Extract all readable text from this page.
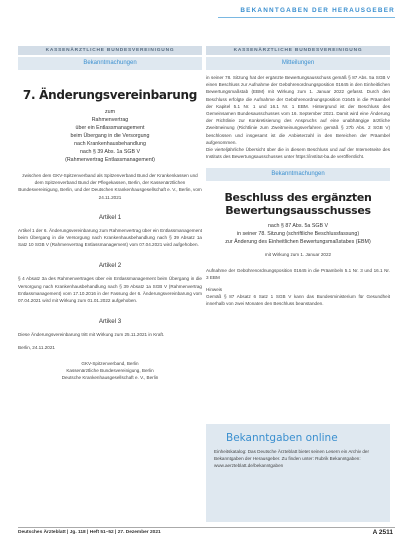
BEKANNTGABEN DER HERAUSGEBER
KASSENÄRZTLICHE BUNDESVEREINIGUNG
Bekanntmachungen
7. Änderungsvereinbarung
zum
Rahmenvertrag
über ein Entlassmanagement
beim Übergang in die Versorgung
nach Krankenhausbehandlung
nach § 39 Abs. 1a SGB V
(Rahmenvertrag Entlassmanagement)
zwischen dem GKV-Spitzenverband als Spitzenverband Bund der Krankenkassen und dem Spitzenverband Bund der Pflegekassen, Berlin, der Kassenärztlichen Bundesvereinigung, Berlin, und der Deutschen Krankenhausgesellschaft e. V., Berlin, vom 24.11.2021
Artikel 1
Artikel 1 der 6. Änderungsvereinbarung zum Rahmenvertrag über ein Entlassmanagement beim Übergang in die Versorgung nach Krankenhausbehandlung nach § 39 Absatz 1a Satz 10 SGB V (Rahmenvertrag Entlassmanagement) vom 07.04.2021 wird aufgehoben.
Artikel 2
§ 4 Absatz 3a des Rahmenvertrages über ein Entlassmanagement beim Übergang in die Versorgung nach Krankenhausbehandlung nach § 39 Absatz 1a SGB V (Rahmenvertrag Entlassmanagement) vom 17.10.2016 in der Fassung der 6. Änderungsvereinbarung vom 07.04.2021 wird mit Wirkung zum 01.01.2022 aufgehoben.
Artikel 3
Diese Änderungsvereinbarung tritt mit Wirkung zum 25.11.2021 in Kraft.
Berlin, 24.11.2021
GKV-Spitzenverband, Berlin
Kassenärztliche Bundesvereinigung, Berlin
Deutsche Krankenhausgesellschaft e. V., Berlin
KASSENÄRZTLICHE BUNDESVEREINIGUNG
Mitteilungen
in seiner 78. Sitzung hat der ergänzte Bewertungsausschuss gemäß § 87 Abs. 5a SGB V einen Beschluss zur Aufnahme der Gebührenordnungsposition 01645 in den Einheitlichen Bewertungsmaßstab (EBM) mit Wirkung zum 1. Januar 2022 gefasst. Durch den Beschluss erfolgte die Aufnahme der Gebührenordnungsposition 01645 in die Präambel der Kapitel 5.1 Nr. 1 und 16.1 Nr. 1 EBM. Hintergrund ist der Beschluss des Gemeinsamen Bundesausschusses vom 16. September 2021. Damit wird eine Änderung der Richtlinie zur Konkretisierung des Anspruchs auf eine unabhängige ärztliche Zweitmeinung (Richtlinie zum Zweitmeinungsverfahren gemäß § 27b Abs. 2 SGB V) beschlossen und insgesamt ist die Anbieterzahl in den Bereichen der Präambel aufgenommen.
Die vierteljährliche Übersicht über die in diesem Beschluss und auf der Internetseite des Instituts des Bewertungsausschusses unter https://institut-ba.de veröffentlicht.
Bekanntmachungen
Beschluss des ergänzten Bewertungsausschusses
nach § 87 Abs. 5a SGB V
in seiner 78. Sitzung (schriftliche Beschlussfassung)
zur Änderung des Einheitlichen Bewertungsmaßstabes (EBM)
mit Wirkung zum 1. Januar 2022
Aufnahme der Gebührenordnungsposition 01645 in die Präambeln 5.1 Nr. 3 und 16.1 Nr. 3 EBM
Hinweis
Gemäß § 87 Absatz 6 Satz 1 SGB V kann das Bundesministerium für Gesundheit innerhalb von zwei Monaten den Beschluss beanstanden.
Bekanntgaben online
Einheitskatalog: Das Deutsche Ärzteblatt bietet seinen Lesern ein Archiv der Bekanntgaben der Herausgeber. Zu finden unter: Rubrik Bekanntgaben: www.aerzteblatt.de/bekanntgaben
Deutsches Ärzteblatt | Jg. 118 | Heft 51–52 | 27. Dezember 2021	A 2511
